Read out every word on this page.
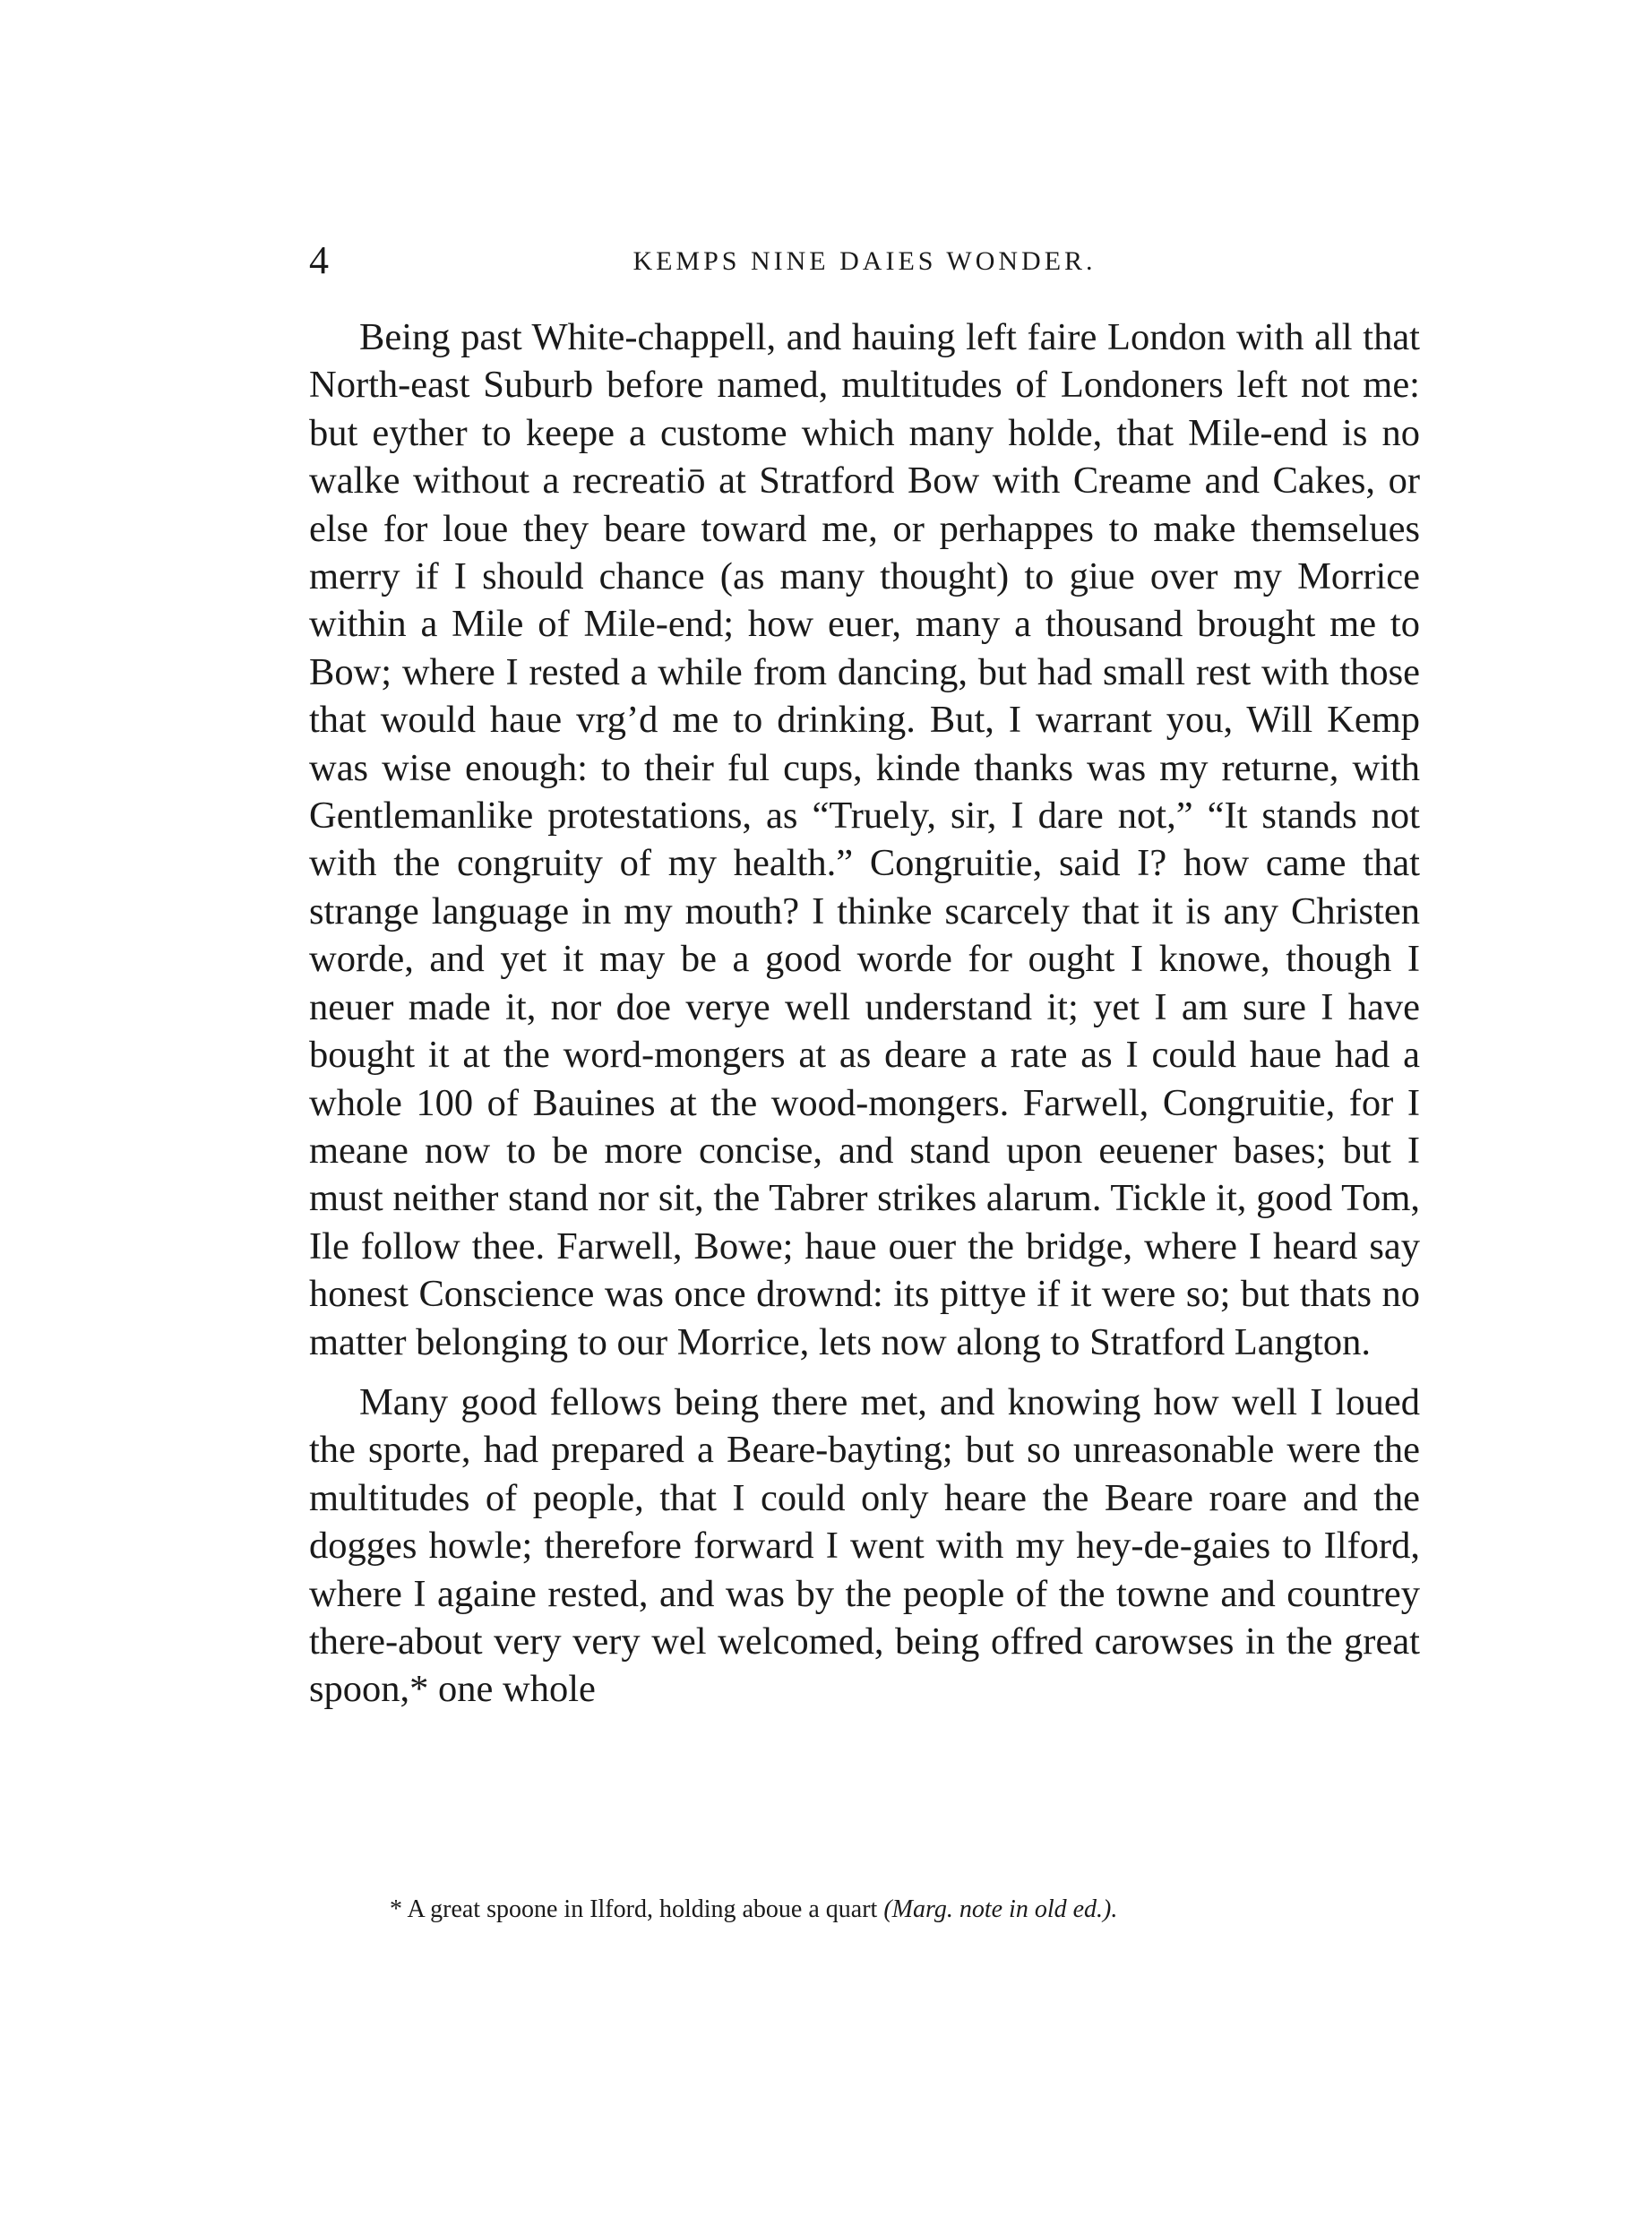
4	KEMPS NINE DAIES WONDER.

Being past White-chappell, and hauing left faire London with all that North-east Suburb before named, multitudes of Londoners left not me: but eyther to keepe a custome which many holde, that Mile-end is no walke without a recreatiō at Stratford Bow with Creame and Cakes, or else for loue they beare toward me, or perhappes to make themselues merry if I should chance (as many thought) to giue over my Morrice within a Mile of Mile-end; how euer, many a thousand brought me to Bow; where I rested a while from dancing, but had small rest with those that would haue vrg’d me to drinking. But, I warrant you, Will Kemp was wise enough: to their ful cups, kinde thanks was my returne, with Gentlemanlike protestations, as “Truely, sir, I dare not,” “It stands not with the congruity of my health.” Congruitie, said I? how came that strange language in my mouth? I thinke scarcely that it is any Christen worde, and yet it may be a good worde for ought I knowe, though I neuer made it, nor doe verye well understand it; yet I am sure I have bought it at the word-mongers at as deare a rate as I could haue had a whole 100 of Bauines at the wood-mongers. Farwell, Congruitie, for I meane now to be more concise, and stand upon eeuener bases; but I must neither stand nor sit, the Tabrer strikes alarum. Tickle it, good Tom, Ile follow thee. Farwell, Bowe; haue ouer the bridge, where I heard say honest Conscience was once drownd: its pittye if it were so; but thats no matter belonging to our Morrice, lets now along to Stratford Langton.

Many good fellows being there met, and knowing how well I loued the sporte, had prepared a Beare-bayting; but so unreasonable were the multitudes of people, that I could only heare the Beare roare and the dogges howle; therefore forward I went with my hey-de-gaies to Ilford, where I againe rested, and was by the people of the towne and countrey there-about very very wel welcomed, being offred carowses in the great spoon,* one whole

* A great spoone in Ilford, holding aboue a quart (Marg. note in old ed.).
